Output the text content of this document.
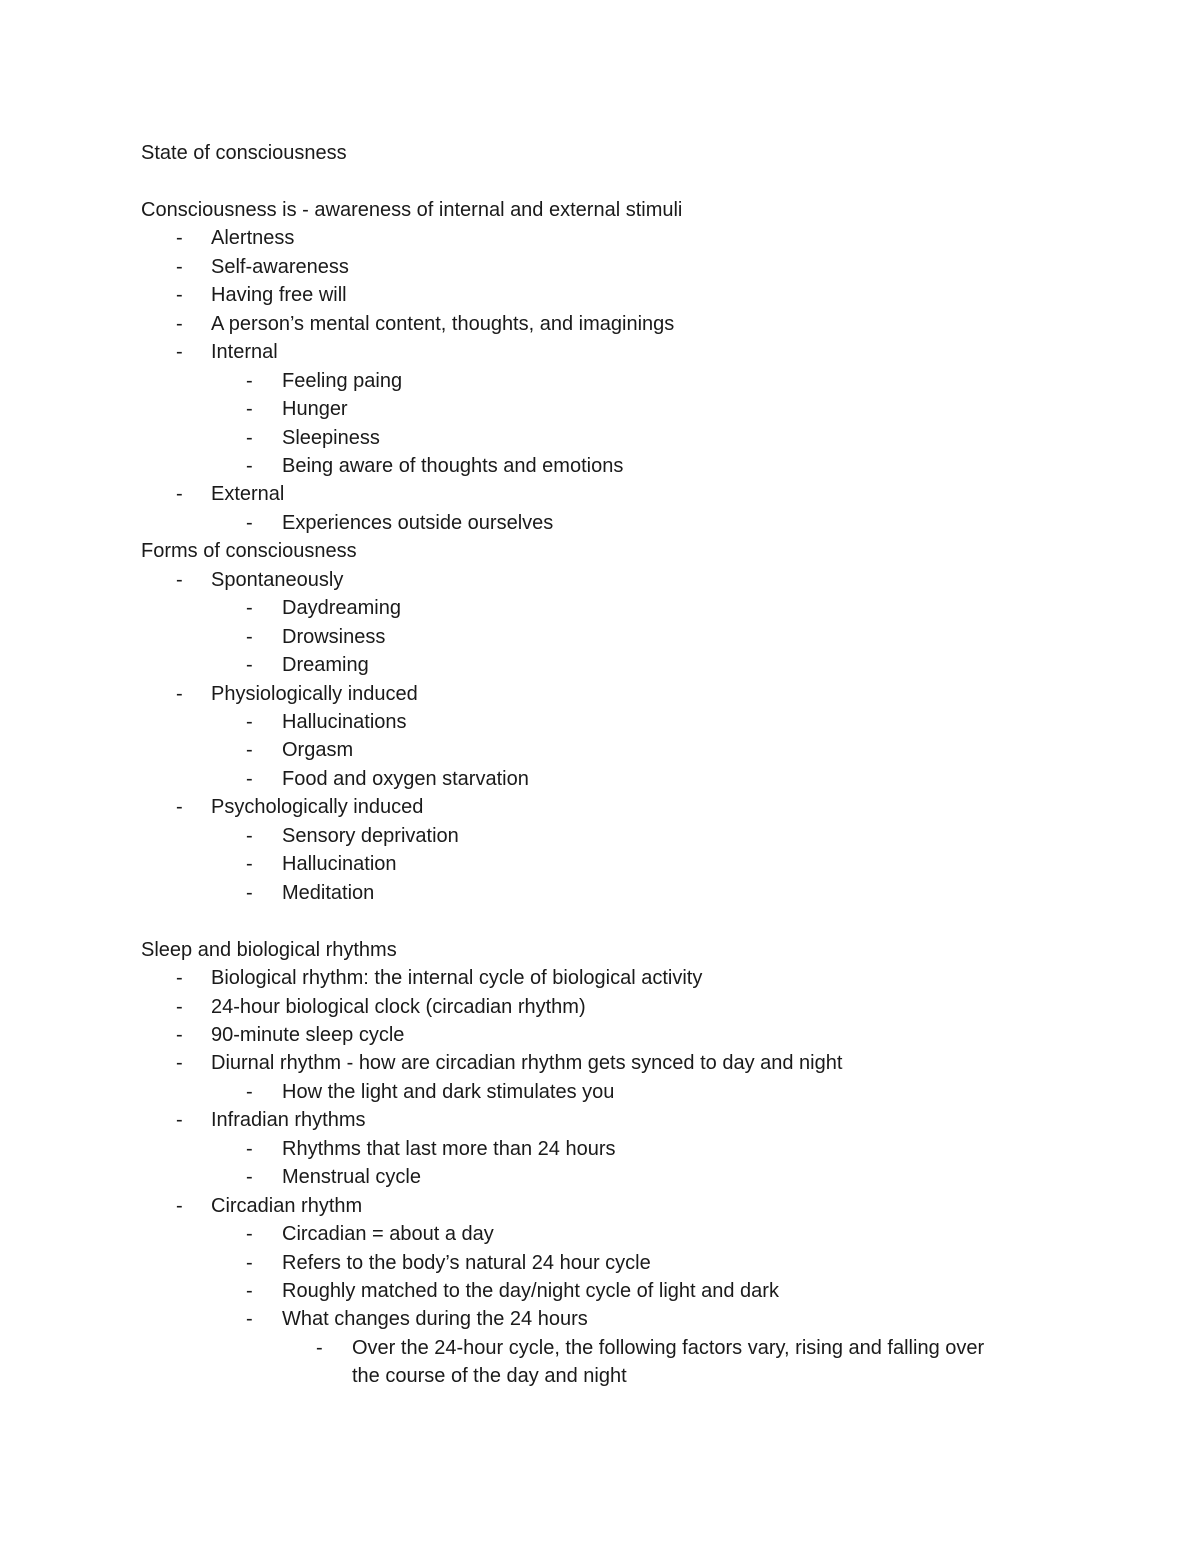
State of consciousness
Consciousness is - awareness of internal and external stimuli
- Alertness
- Self-awareness
- Having free will
- A person’s mental content, thoughts, and imaginings
- Internal
- Feeling paing
- Hunger
- Sleepiness
- Being aware of thoughts and emotions
- External
- Experiences outside ourselves
Forms of consciousness
- Spontaneously
- Daydreaming
- Drowsiness
- Dreaming
- Physiologically induced
- Hallucinations
- Orgasm
- Food and oxygen starvation
- Psychologically induced
- Sensory deprivation
- Hallucination
- Meditation
Sleep and biological rhythms
- Biological rhythm: the internal cycle of biological activity
- 24-hour biological clock (circadian rhythm)
- 90-minute sleep cycle
- Diurnal rhythm - how are circadian rhythm gets synced to day and night
- How the light and dark stimulates you
- Infradian rhythms
- Rhythms that last more than 24 hours
- Menstrual cycle
- Circadian rhythm
- Circadian = about a day
- Refers to the body’s natural 24 hour cycle
- Roughly matched to the day/night cycle of light and dark
- What changes during the 24 hours
- Over the 24-hour cycle, the following factors vary, rising and falling over
the course of the day and night
